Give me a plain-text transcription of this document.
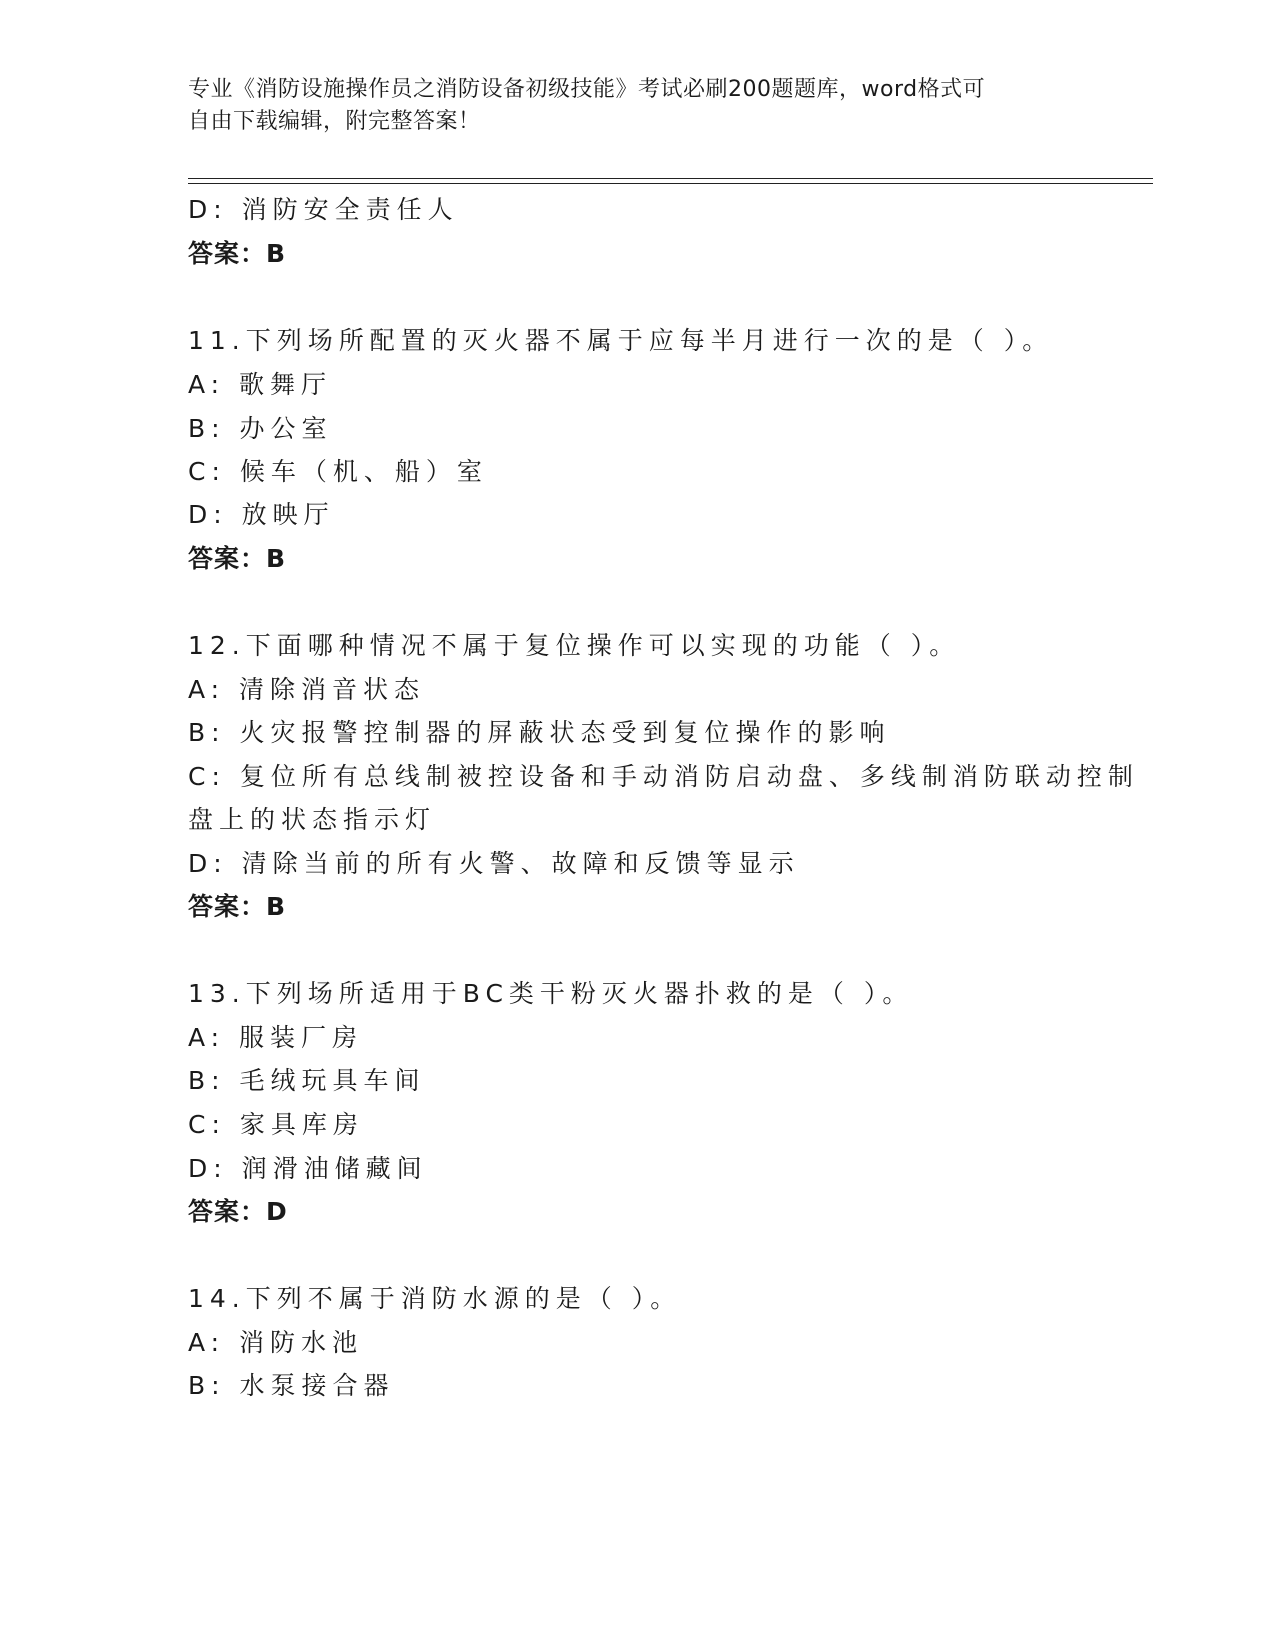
专业《消防设施操作员之消防设备初级技能》考试必刷200题题库，word格式可
自由下载编辑，附完整答案！
D: 消防安全责任人
答案：B
11.下列场所配置的灭火器不属于应每半月进行一次的是（ ）。
A: 歌舞厅
B: 办公室
C: 候车（机、船）室
D: 放映厅
答案：B
12.下面哪种情况不属于复位操作可以实现的功能（ ）。
A: 清除消音状态
B: 火灾报警控制器的屏蔽状态受到复位操作的影响
C: 复位所有总线制被控设备和手动消防启动盘、多线制消防联动控制
盘上的状态指示灯
D: 清除当前的所有火警、故障和反馈等显示
答案：B
13.下列场所适用于BC类干粉灭火器扑救的是（ ）。
A: 服装厂房
B: 毛绒玩具车间
C: 家具库房
D: 润滑油储藏间
答案：D
14.下列不属于消防水源的是（ ）。
A: 消防水池
B: 水泵接合器
